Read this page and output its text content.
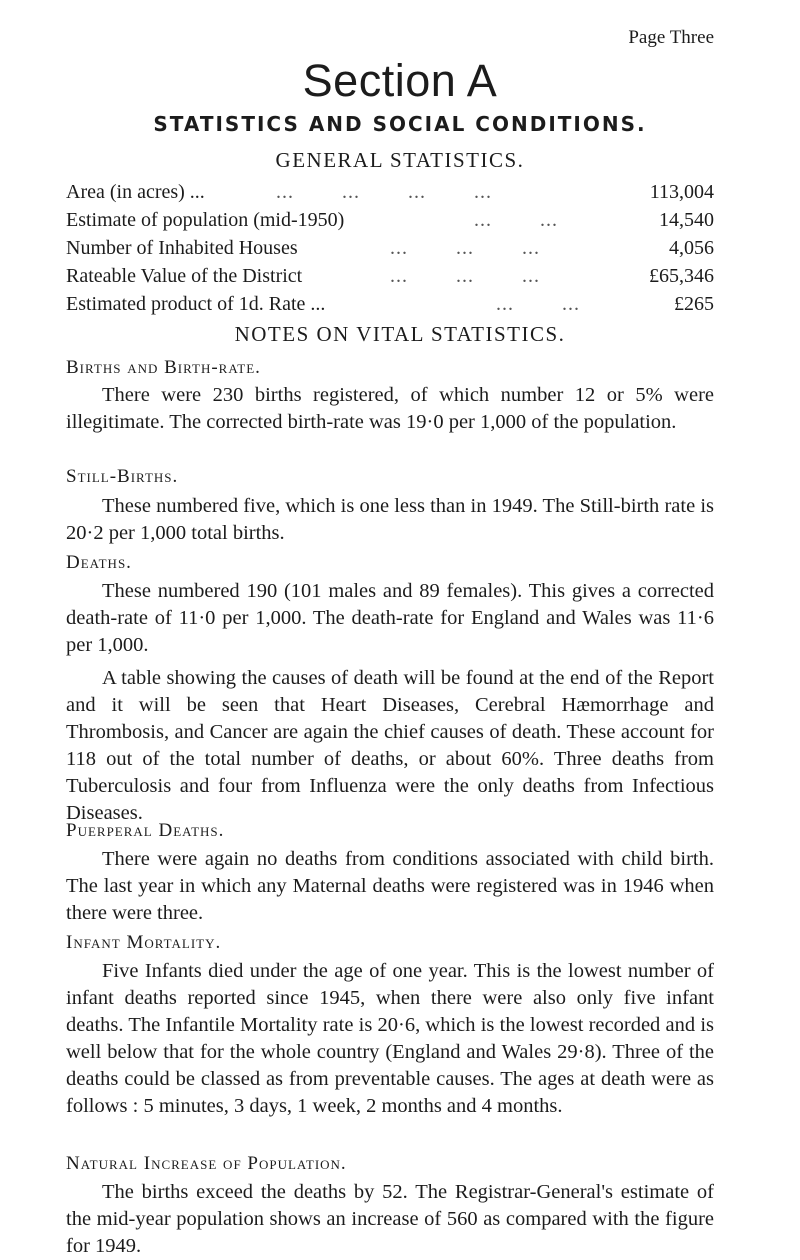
Page Three
Section A
STATISTICS AND SOCIAL CONDITIONS.
GENERAL STATISTICS.
Area (in acres) ...	...        ...        ...        ...	113,004
Estimate of population (mid-1950)	...        ...	14,540
Number of Inhabited Houses	...        ...        ...	4,056
Rateable Value of the District	...        ...        ...	£65,346
Estimated product of 1d. Rate ...	...        ...	£265
NOTES ON VITAL STATISTICS.
Births and Birth-rate.

There were 230 births registered, of which number 12 or 5% were illegitimate. The corrected birth-rate was 19·0 per 1,000 of the population.

Still-Births.

These numbered five, which is one less than in 1949. The Still-birth rate is 20·2 per 1,000 total births.

Deaths.

These numbered 190 (101 males and 89 females). This gives a corrected death-rate of 11·0 per 1,000. The death-rate for England and Wales was 11·6 per 1,000.

A table showing the causes of death will be found at the end of the Report and it will be seen that Heart Diseases, Cerebral Hæmorrhage and Thrombosis, and Cancer are again the chief causes of death. These account for 118 out of the total number of deaths, or about 60%. Three deaths from Tuberculosis and four from Influenza were the only deaths from Infectious Diseases.

Puerperal Deaths.

There were again no deaths from conditions associated with child birth. The last year in which any Maternal deaths were registered was in 1946 when there were three.

Infant Mortality.

Five Infants died under the age of one year. This is the lowest number of infant deaths reported since 1945, when there were also only five infant deaths. The Infantile Mortality rate is 20·6, which is the lowest recorded and is well below that for the whole country (England and Wales 29·8). Three of the deaths could be classed as from preventable causes. The ages at death were as follows : 5 minutes, 3 days, 1 week, 2 months and 4 months.

Natural Increase of Population.

The births exceed the deaths by 52. The Registrar-General's estimate of the mid-year population shows an increase of 560 as compared with the figure for 1949.
